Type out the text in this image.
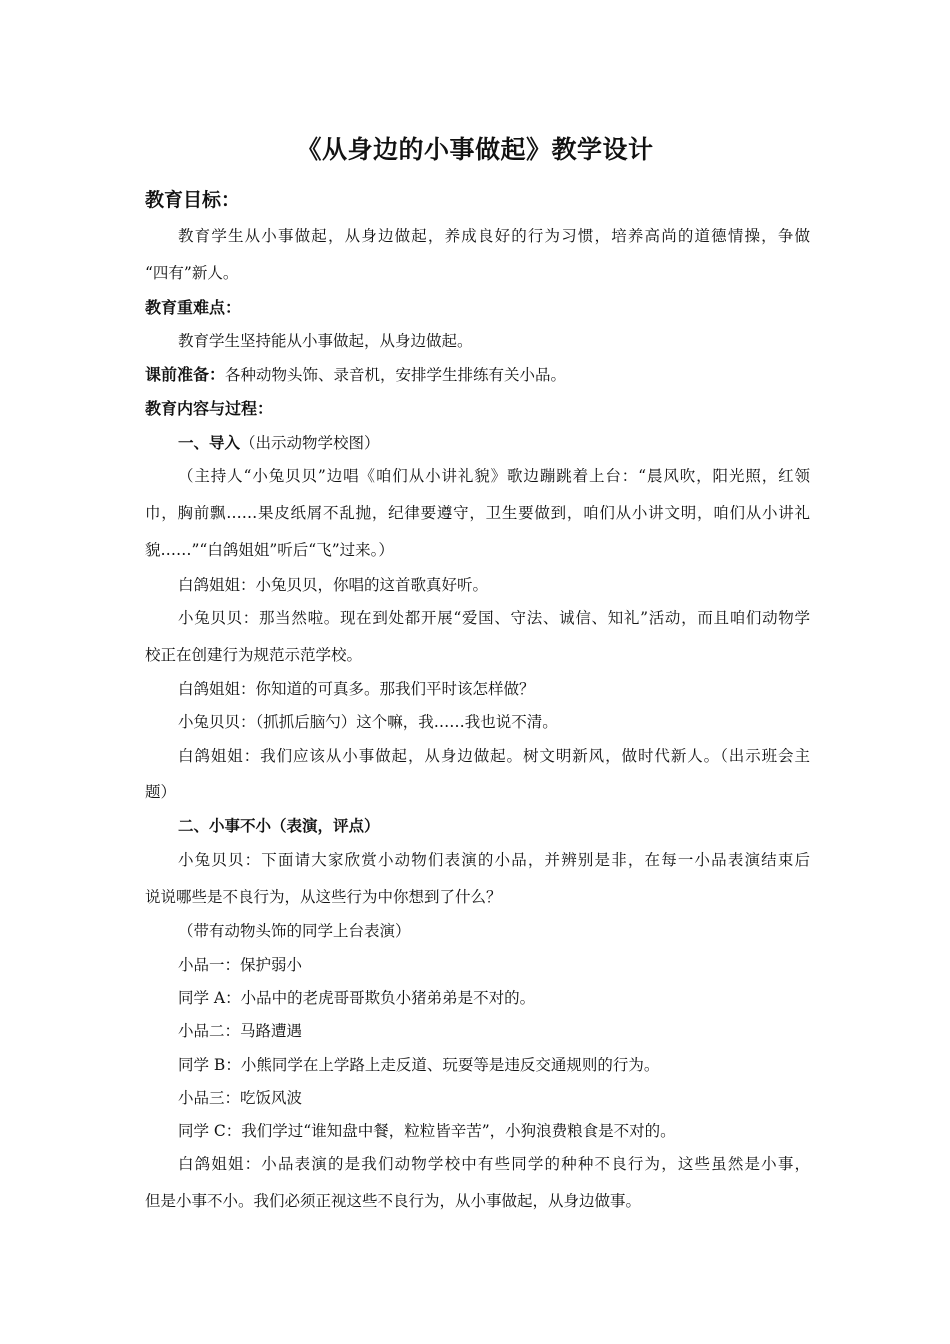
《从身边的小事做起》教学设计
教育目标：
教育学生从小事做起，从身边做起，养成良好的行为习惯，培养高尚的道德情操，争做
“四有”新人。
教育重难点：
教育学生坚持能从小事做起，从身边做起。
课前准备：各种动物头饰、录音机，安排学生排练有关小品。
教育内容与过程：
一、导入（出示动物学校图）
（主持人“小兔贝贝”边唱《咱们从小讲礼貌》歌边蹦跳着上台：“晨风吹，阳光照，红领
巾，胸前飘……果皮纸屑不乱抛，纪律要遵守，卫生要做到，咱们从小讲文明，咱们从小讲礼
貌……”“白鸽姐姐”听后“飞”过来。）
白鸽姐姐：小兔贝贝，你唱的这首歌真好听。
小兔贝贝：那当然啦。现在到处都开展“爱国、守法、诚信、知礼”活动，而且咱们动物学
校正在创建行为规范示范学校。
白鸽姐姐：你知道的可真多。那我们平时该怎样做？
小兔贝贝：（抓抓后脑勺）这个嘛，我……我也说不清。
白鸽姐姐：我们应该从小事做起，从身边做起。树文明新风，做时代新人。（出示班会主
题）
二、小事不小（表演，评点）
小兔贝贝：下面请大家欣赏小动物们表演的小品，并辨别是非，在每一小品表演结束后
说说哪些是不良行为，从这些行为中你想到了什么？
（带有动物头饰的同学上台表演）
小品一：保护弱小
同学 A：小品中的老虎哥哥欺负小猪弟弟是不对的。
小品二：马路遭遇
同学 B：小熊同学在上学路上走反道、玩耍等是违反交通规则的行为。
小品三：吃饭风波
同学 C：我们学过“谁知盘中餐，粒粒皆辛苦”，小狗浪费粮食是不对的。
白鸽姐姐：小品表演的是我们动物学校中有些同学的种种不良行为，这些虽然是小事，
但是小事不小。我们必须正视这些不良行为，从小事做起，从身边做事。
